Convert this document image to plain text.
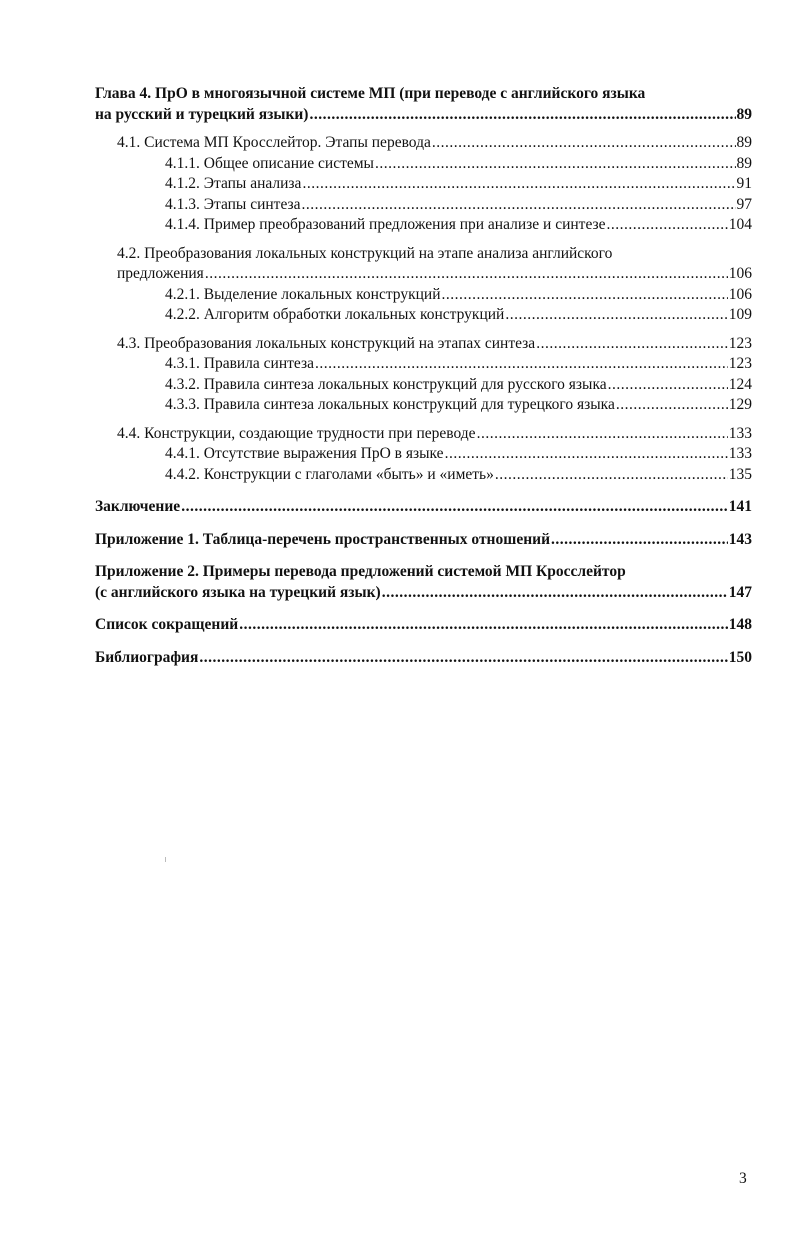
Глава 4. ПрО в многоязычной системе МП (при переводе с английского языка
на русский и турецкий языки) .....	89
4.1. Система МП Кросслейтор. Этапы перевода .....	89
4.1.1. Общее описание системы .....	89
4.1.2. Этапы анализа .....	91
4.1.3. Этапы синтеза .....	97
4.1.4. Пример преобразований предложения при анализе и синтезе .....	104
4.2. Преобразования локальных конструкций на этапе анализа английского
предложения .....	106
4.2.1. Выделение локальных конструкций .....	106
4.2.2. Алгоритм обработки локальных конструкций .....	109
4.3. Преобразования локальных конструкций на этапах синтеза .....	123
4.3.1. Правила синтеза .....	123
4.3.2. Правила синтеза локальных конструкций для русского языка .....	124
4.3.3. Правила синтеза локальных конструкций для турецкого языка .....	129
4.4. Конструкции, создающие трудности при переводе .....	133
4.4.1. Отсутствие выражения ПрО в языке .....	133
4.4.2. Конструкции с глаголами «быть» и «иметь» .....	135
Заключение .....	141
Приложение 1. Таблица-перечень пространственных отношений .....	143
Приложение 2. Примеры перевода предложений системой МП Кросслейтор
(с английского языка на турецкий язык) .....	147
Список сокращений .....	148
Библиография .....	150
3
